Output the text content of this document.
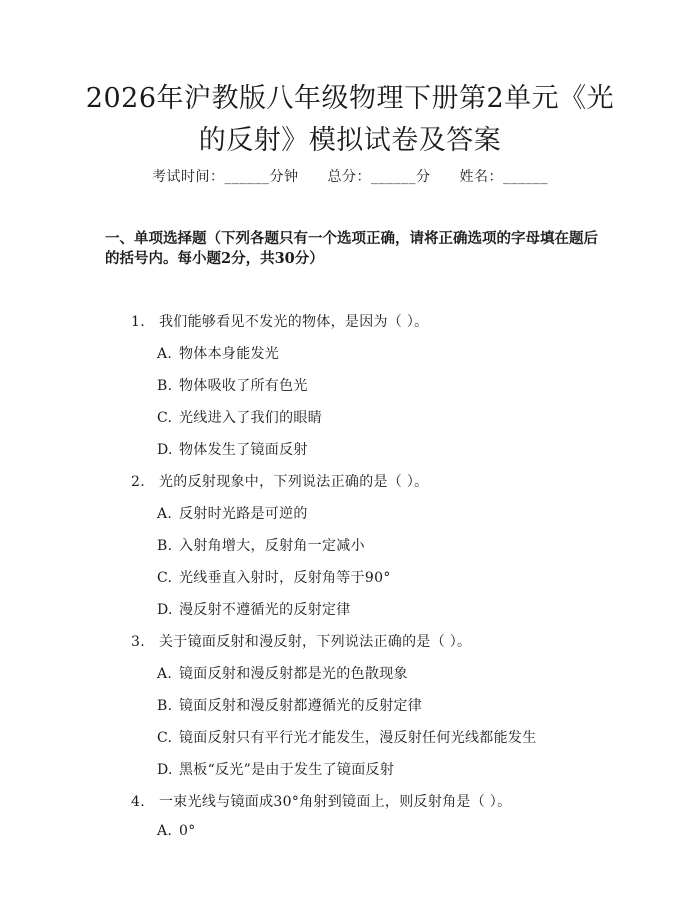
2026年沪教版八年级物理下册第2单元《光
的反射》模拟试卷及答案
考试时间：______分钟 总分：______分 姓名：______
一、单项选择题（下列各题只有一个选项正确，请将正确选项的字母填在题后的括号内。每小题2分，共30分）
1. 我们能够看见不发光的物体，是因为（ ）。
A. 物体本身能发光
B. 物体吸收了所有色光
C. 光线进入了我们的眼睛
D. 物体发生了镜面反射
2. 光的反射现象中，下列说法正确的是（ ）。
A. 反射时光路是可逆的
B. 入射角增大，反射角一定减小
C. 光线垂直入射时，反射角等于90°
D. 漫反射不遵循光的反射定律
3. 关于镜面反射和漫反射，下列说法正确的是（ ）。
A. 镜面反射和漫反射都是光的色散现象
B. 镜面反射和漫反射都遵循光的反射定律
C. 镜面反射只有平行光才能发生，漫反射任何光线都能发生
D. 黑板“反光”是由于发生了镜面反射
4. 一束光线与镜面成30°角射到镜面上，则反射角是（ ）。
A. 0°
